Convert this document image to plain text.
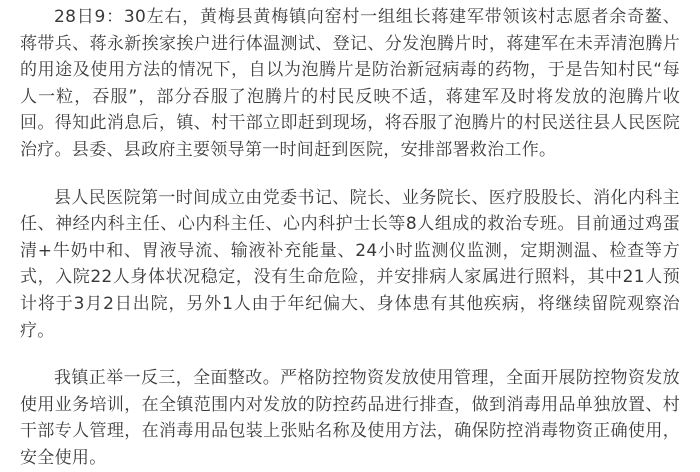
28日9：30左右，黄梅县黄梅镇向窑村一组组长蒋建军带领该村志愿者余奇鳌、蒋带兵、蒋永新挨家挨户进行体温测试、登记、分发泡腾片时，蒋建军在未弄清泡腾片的用途及使用方法的情况下，自以为泡腾片是防治新冠病毒的药物，于是告知村民“每人一粒，吞服”，部分吞服了泡腾片的村民反映不适，蒋建军及时将发放的泡腾片收回。得知此消息后，镇、村干部立即赶到现场，将吞服了泡腾片的村民送往县人民医院治疗。县委、县政府主要领导第一时间赶到医院，安排部署救治工作。

县人民医院第一时间成立由党委书记、院长、业务院长、医疗股股长、消化内科主任、神经内科主任、心内科主任、心内科护士长等8人组成的救治专班。目前通过鸡蛋清+牛奶中和、胃液导流、输液补充能量、24小时监测仪监测，定期测温、检查等方式，入院22人身体状况稳定，没有生命危险，并安排病人家属进行照料，其中21人预计将于3月2日出院，另外1人由于年纪偏大、身体患有其他疾病，将继续留院观察治疗。

我镇正举一反三，全面整改。严格防控物资发放使用管理，全面开展防控物资发放使用业务培训，在全镇范围内对发放的防控药品进行排查，做到消毒用品单独放置、村干部专人管理，在消毒用品包装上张贴名称及使用方法，确保防控消毒物资正确使用，安全使用。
